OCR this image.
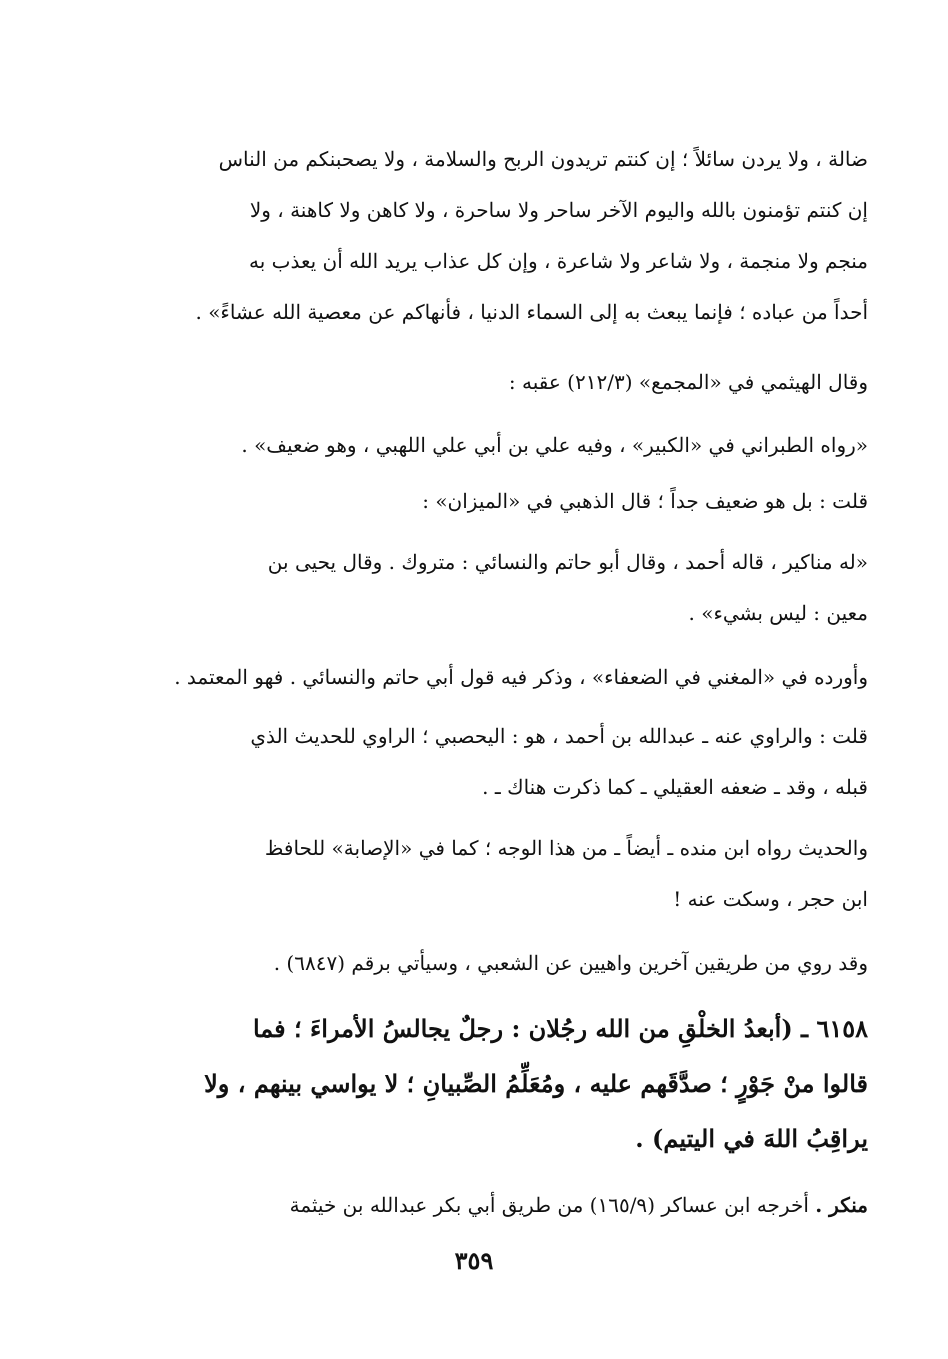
ضالة ، ولا يردن سائلاً ؛ إن كنتم تريدون الربح والسلامة ، ولا يصحبنكم من الناس
إن كنتم تؤمنون بالله واليوم الآخر ساحر ولا ساحرة ، ولا كاهن ولا كاهنة ، ولا
منجم ولا منجمة ، ولا شاعر ولا شاعرة ، وإن كل عذاب يريد الله أن يعذب به
أحداً من عباده ؛ فإنما يبعث به إلى السماء الدنيا ، فأنهاكم عن معصية الله عشاءً» .
وقال الهيثمي في «المجمع» (٢١٢/٣) عقبه :
«رواه الطبراني في «الكبير» ، وفيه علي بن أبي علي اللهبي ، وهو ضعيف» .
قلت : بل هو ضعيف جداً ؛ قال الذهبي في «الميزان» :
«له مناكير ، قاله أحمد ، وقال أبو حاتم والنسائي : متروك . وقال يحيى بن
معين : ليس بشيء» .
وأورده في «المغني في الضعفاء» ، وذكر فيه قول أبي حاتم والنسائي . فهو المعتمد .
قلت : والراوي عنه ـ عبدالله بن أحمد ، هو : اليحصبي ؛ الراوي للحديث الذي
قبله ، وقد ـ ضعفه العقيلي ـ كما ذكرت هناك ـ .
والحديث رواه ابن منده ـ أيضاً ـ من هذا الوجه ؛ كما في «الإصابة» للحافظ
ابن حجر ، وسكت عنه !
وقد روي من طريقين آخرين واهيين عن الشعبي ، وسيأتي برقم (٦٨٤٧) .
٦١٥٨ ـ (أبعدُ الخلْقِ من الله رجُلان : رجلٌ يجالسُ الأمراءَ ؛ فما
قالوا منْ جَوْرٍ ؛ صدَّقَهم عليه ، ومُعَلِّمُ الصِّبيانِ ؛ لا يواسي بينهم ، ولا
يراقِبُ اللهَ في اليتيم) .
منكر . أخرجه ابن عساكر (١٦٥/٩) من طريق أبي بكر عبدالله بن خيثمة
٣٥٩
